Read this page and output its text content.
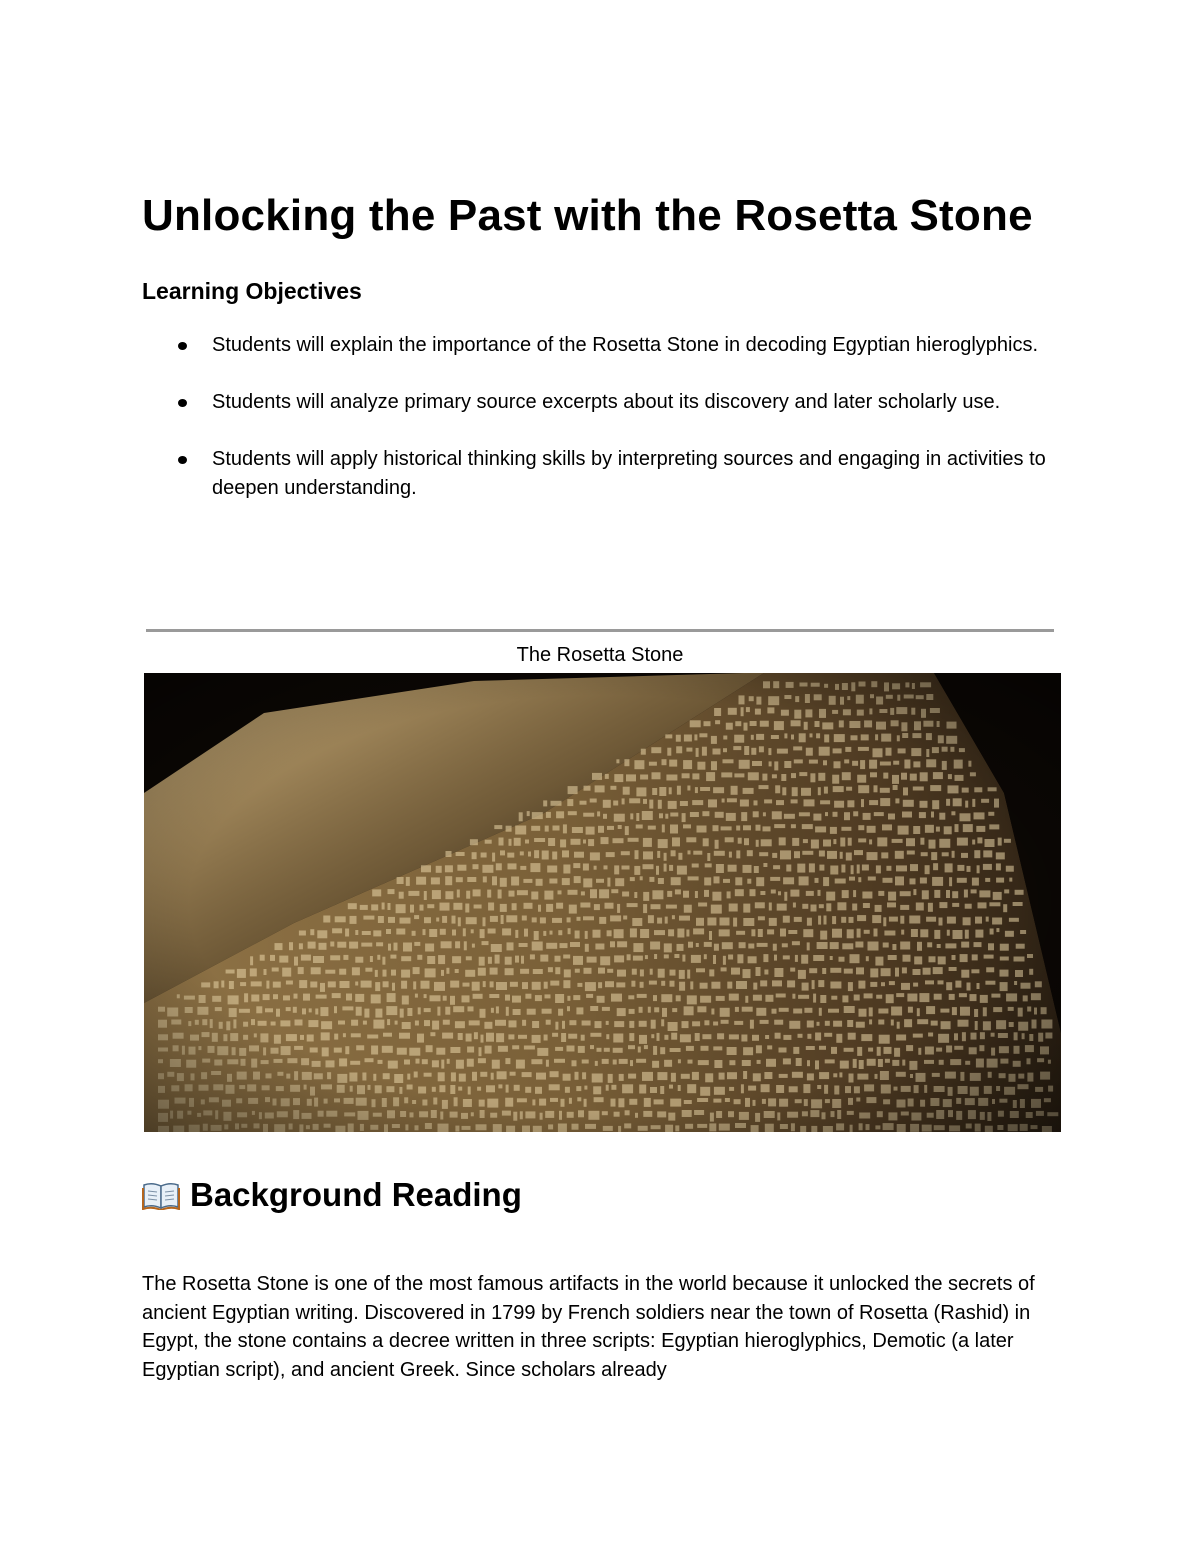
Unlocking the Past with the Rosetta Stone
Learning Objectives
Students will explain the importance of the Rosetta Stone in decoding Egyptian hieroglyphics.
Students will analyze primary source excerpts about its discovery and later scholarly use.
Students will apply historical thinking skills by interpreting sources and engaging in activities to deepen understanding.
The Rosetta Stone
Background Reading

The Rosetta Stone is one of the most famous artifacts in the world because it unlocked the secrets of ancient Egyptian writing. Discovered in 1799 by French soldiers near the town of Rosetta (Rashid) in Egypt, the stone contains a decree written in three scripts: Egyptian hieroglyphics, Demotic (a later Egyptian script), and ancient Greek. Since scholars already
